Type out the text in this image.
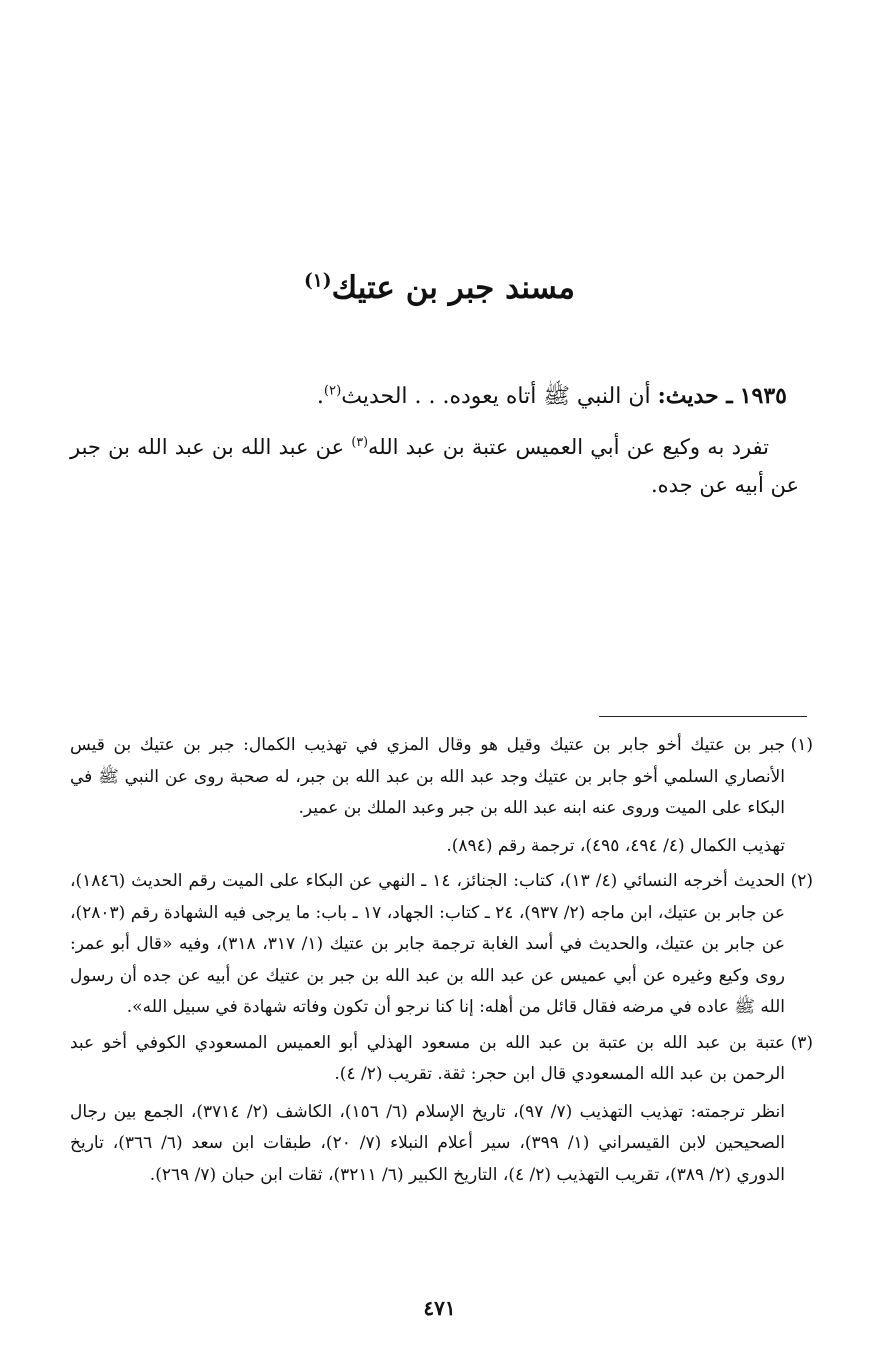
مسند جبر بن عتيك$^{(١)}$

١٩٣٥ ـ حديث: أن النبي ﷺ أتاه يعوده. . . الحديث$^{(٢)}$.

تفرد به وكيع عن أبي العميس عتبة بن عبد الله$^{(٣)}$ عن عبد الله بن عبد الله بن جبر عن أبيه عن جده.

(١)

جبر بن عتيك أخو جابر بن عتيك وقيل هو وقال المزي في تهذيب الكمال: جبر بن عتيك بن قيس الأنصاري السلمي أخو جابر بن عتيك وجد عبد الله بن عبد الله بن جبر، له صحبة روى عن النبي ﷺ في البكاء على الميت وروى عنه ابنه عبد الله بن جبر وعبد الملك بن عمير.

تهذيب الكمال (٤/ ٤٩٤، ٤٩٥)، ترجمة رقم (٨٩٤).

(٢)

الحديث أخرجه النسائي (٤/ ١٣)، كتاب: الجنائز، ١٤ ـ النهي عن البكاء على الميت رقم الحديث (١٨٤٦)، عن جابر بن عتيك، ابن ماجه (٢/ ٩٣٧)، ٢٤ ـ كتاب: الجهاد، ١٧ ـ باب: ما يرجى فيه الشهادة رقم (٢٨٠٣)، عن جابر بن عتيك، والحديث في أسد الغابة ترجمة جابر بن عتيك (١/ ٣١٧، ٣١٨)، وفيه «قال أبو عمر: روى وكيع وغيره عن أبي عميس عن عبد الله بن عبد الله بن جبر بن عتيك عن أبيه عن جده أن رسول الله ﷺ عاده في مرضه فقال قائل من أهله: إنا كنا نرجو أن تكون وفاته شهادة في سبيل الله».

(٣)

عتبة بن عبد الله بن عتبة بن عبد الله بن مسعود الهذلي أبو العميس المسعودي الكوفي أخو عبد الرحمن بن عبد الله المسعودي قال ابن حجر: ثقة. تقريب (٢/ ٤).

انظر ترجمته: تهذيب التهذيب (٧/ ٩٧)، تاريخ الإسلام (٦/ ١٥٦)، الكاشف (٢/ ٣٧١٤)، الجمع بين رجال الصحيحين لابن القيسراني (١/ ٣٩٩)، سير أعلام النبلاء (٧/ ٢٠)، طبقات ابن سعد (٦/ ٣٦٦)، تاريخ الدوري (٢/ ٣٨٩)، تقريب التهذيب (٢/ ٤)، التاريخ الكبير (٦/ ٣٢١١)، ثقات ابن حبان (٧/ ٢٦٩).

٤٧١
